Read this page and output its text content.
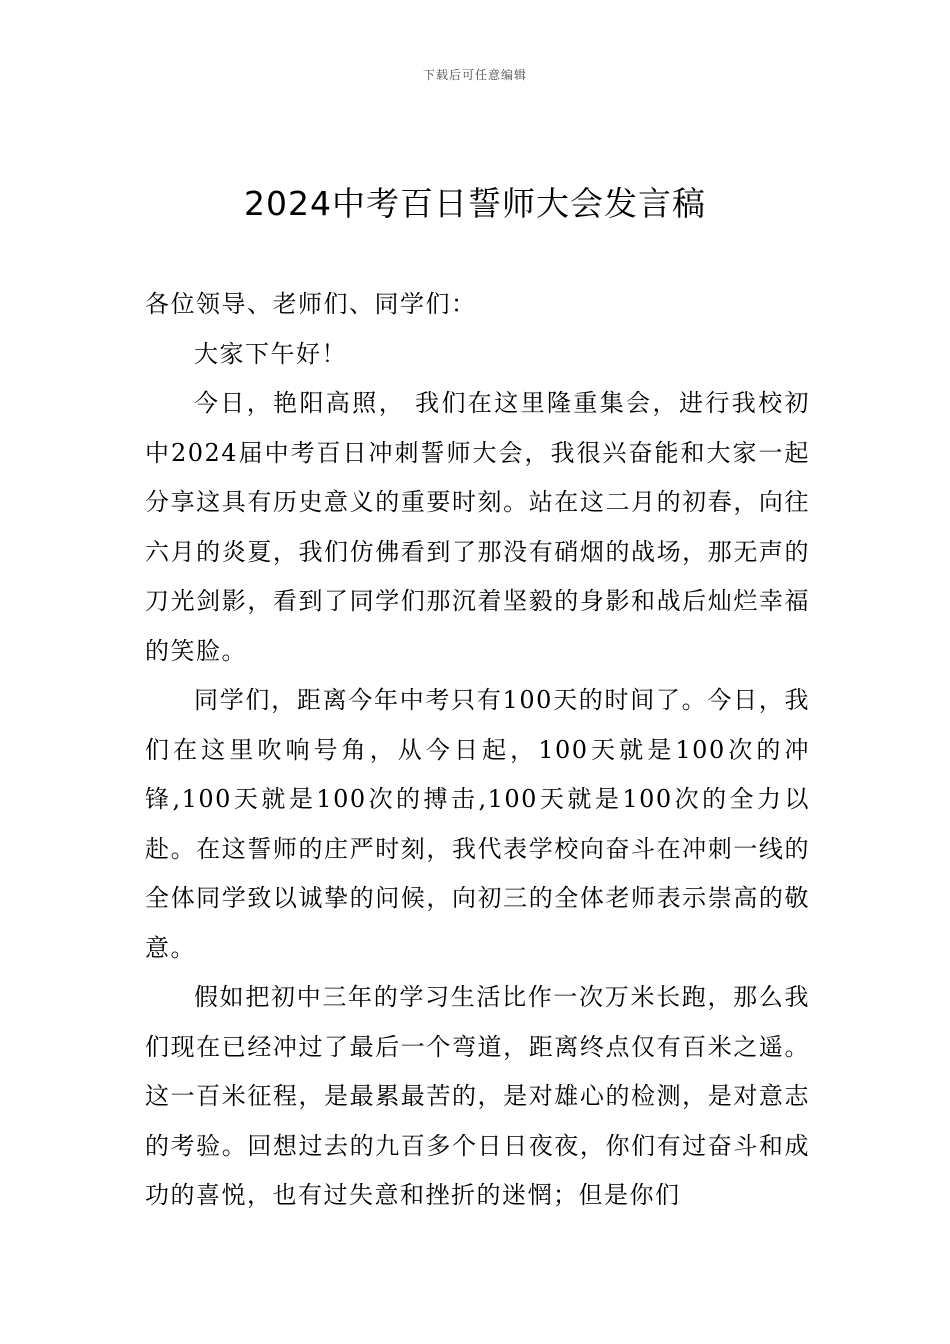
下载后可任意编辑
2024中考百日誓师大会发言稿

各位领导、老师们、同学们：

大家下午好！

今日，艳阳高照， 我们在这里隆重集会，进行我校初中2024届中考百日冲刺誓师大会，我很兴奋能和大家一起分享这具有历史意义的重要时刻。站在这二月的初春，向往六月的炎夏，我们仿佛看到了那没有硝烟的战场，那无声的刀光剑影，看到了同学们那沉着坚毅的身影和战后灿烂幸福的笑脸。

同学们，距离今年中考只有100天的时间了。今日，我们在这里吹响号角，从今日起，100天就是100次的冲锋,100天就是100次的搏击,100天就是100次的全力以赴。在这誓师的庄严时刻，我代表学校向奋斗在冲刺一线的全体同学致以诚挚的问候，向初三的全体老师表示崇高的敬意。

假如把初中三年的学习生活比作一次万米长跑，那么我们现在已经冲过了最后一个弯道，距离终点仅有百米之遥。这一百米征程，是最累最苦的，是对雄心的检测，是对意志的考验。回想过去的九百多个日日夜夜，你们有过奋斗和成功的喜悦，也有过失意和挫折的迷惘；但是你们
